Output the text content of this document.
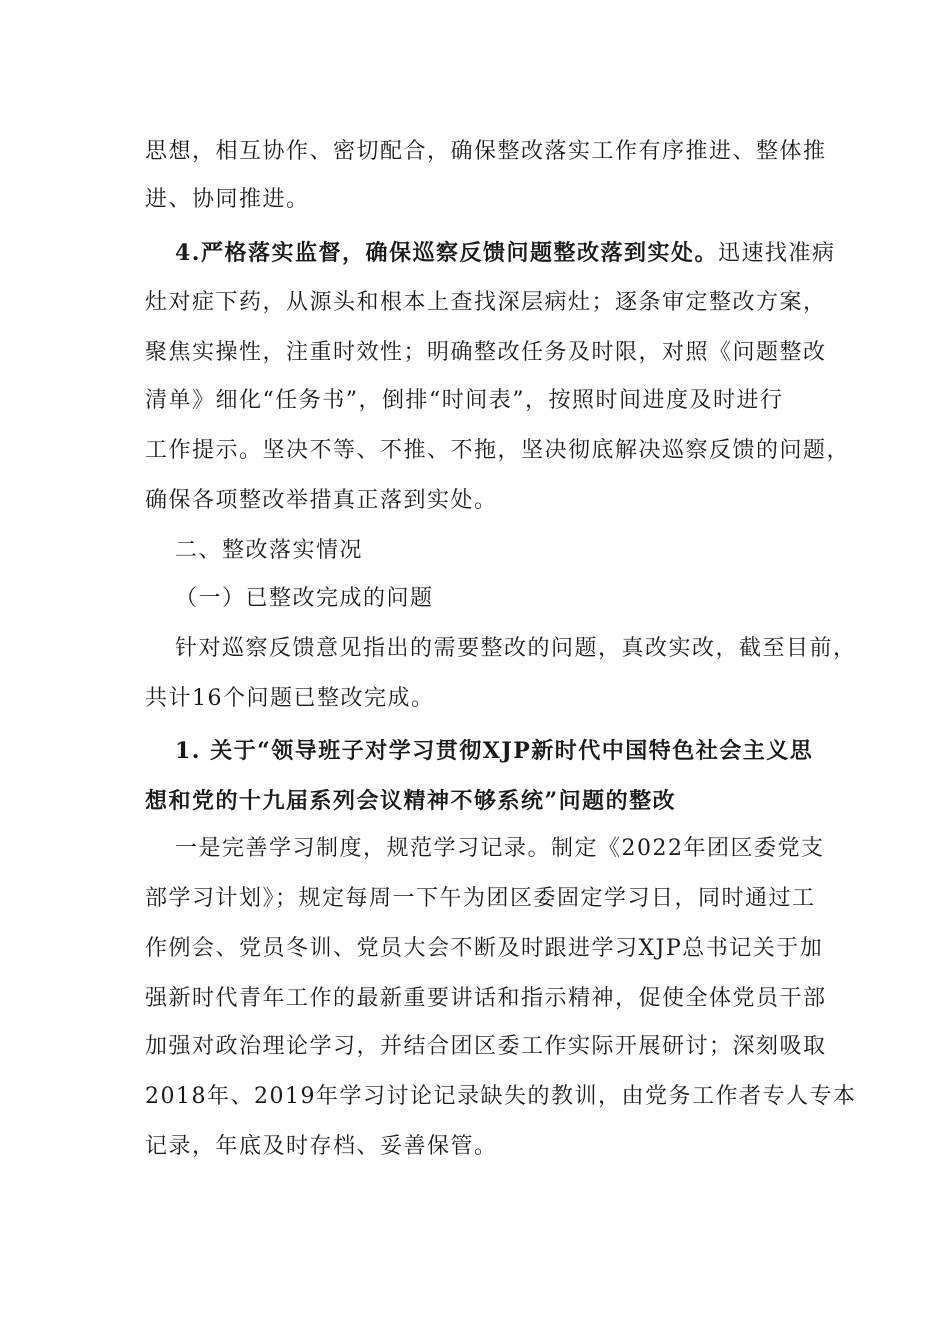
思想，相互协作、密切配合，确保整改落实工作有序推进、整体推
进、协同推进。
4.严格落实监督，确保巡察反馈问题整改落到实处。迅速找准病
灶对症下药，从源头和根本上查找深层病灶；逐条审定整改方案，
聚焦实操性，注重时效性；明确整改任务及时限，对照《问题整改
清单》细化“任务书”，倒排“时间表”，按照时间进度及时进行
工作提示。坚决不等、不推、不拖，坚决彻底解决巡察反馈的问题，
确保各项整改举措真正落到实处。
二、整改落实情况
（一）已整改完成的问题
针对巡察反馈意见指出的需要整改的问题，真改实改，截至目前，
共计16个问题已整改完成。
1. 关于“领导班子对学习贯彻XJP新时代中国特色社会主义思
想和党的十九届系列会议精神不够系统”问题的整改
一是完善学习制度，规范学习记录。制定《2022年团区委党支
部学习计划》；规定每周一下午为团区委固定学习日，同时通过工
作例会、党员冬训、党员大会不断及时跟进学习XJP总书记关于加
强新时代青年工作的最新重要讲话和指示精神，促使全体党员干部
加强对政治理论学习，并结合团区委工作实际开展研讨；深刻吸取
2018年、2019年学习讨论记录缺失的教训，由党务工作者专人专本
记录，年底及时存档、妥善保管。
